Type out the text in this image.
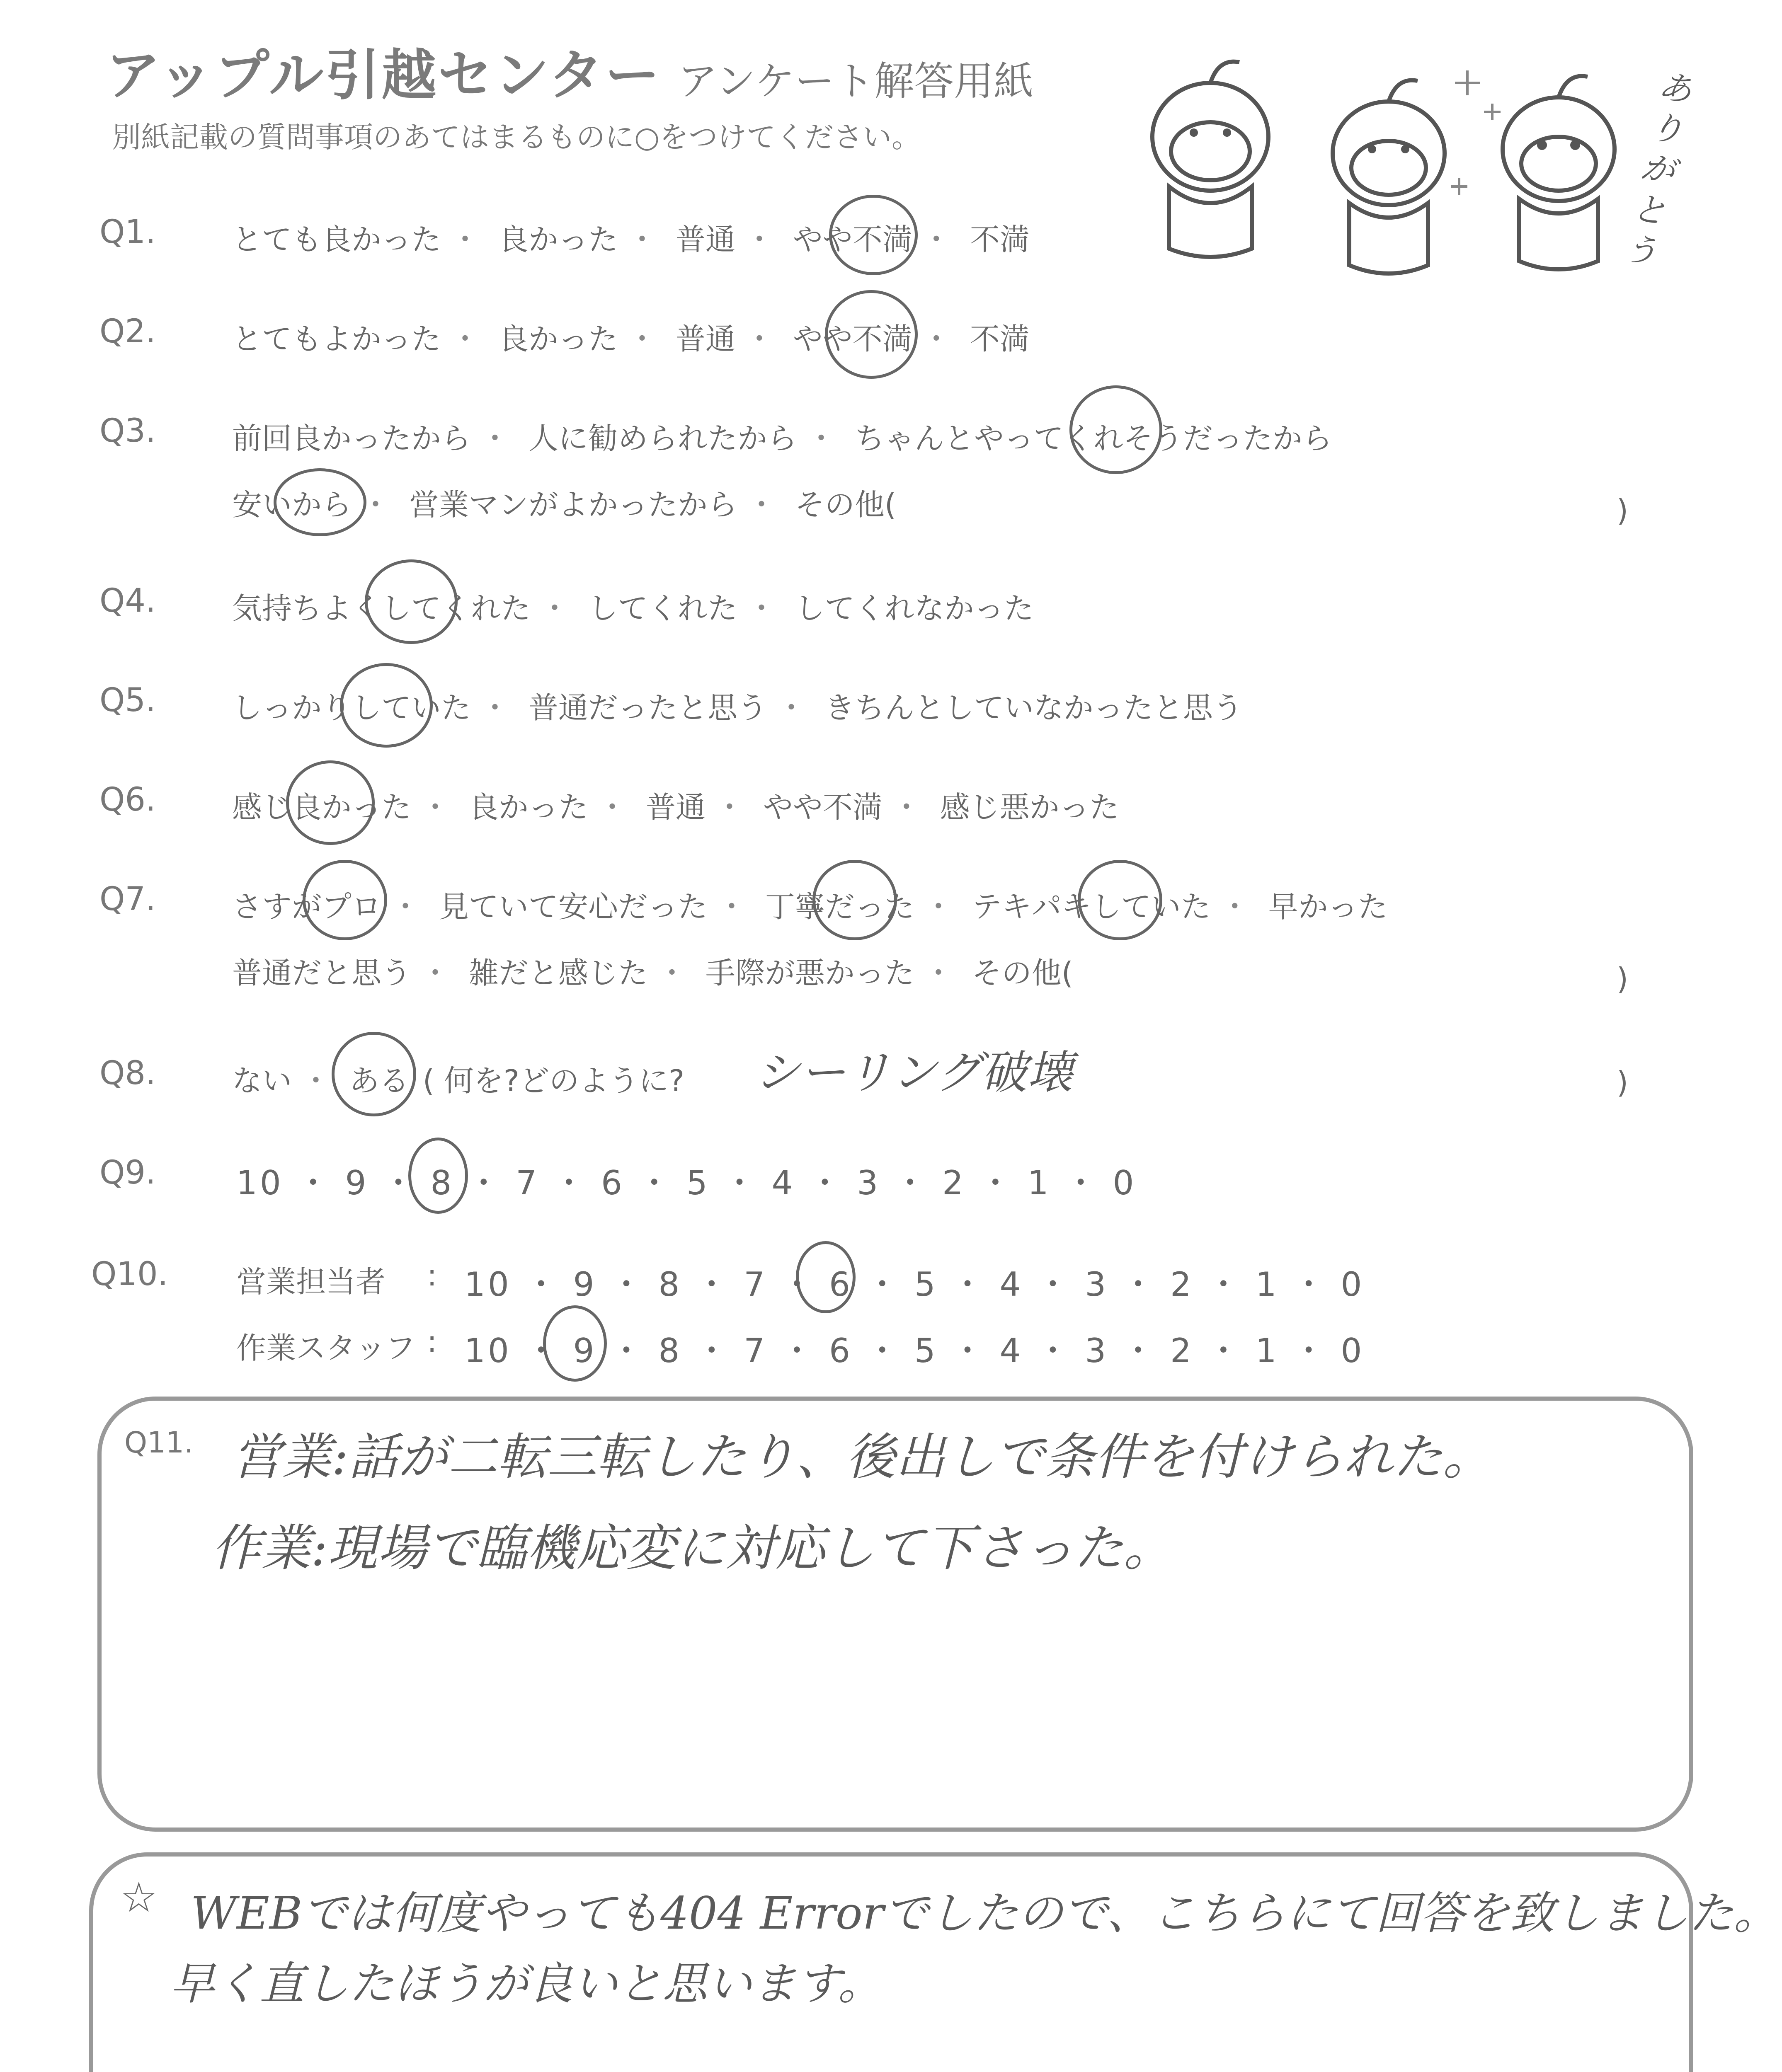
アップル引越センター アンケート解答用紙
別紙記載の質問事項のあてはまるものに○をつけてください。
ありがとう
Q1.	とても良かった ・ 良かった ・ 普通 ・ やや不満 ・ 不満
Q2.	とてもよかった ・ 良かった ・ 普通 ・ やや不満 ・ 不満
Q3.	前回良かったから ・ 人に勧められたから ・ ちゃんとやってくれそうだったから
安いから ・ 営業マンがよかったから ・ その他(	)
Q4.	気持ちよくしてくれた ・ してくれた ・ してくれなかった
Q5.	しっかりしていた ・ 普通だったと思う ・ きちんとしていなかったと思う
Q6.	感じ良かった ・ 良かった ・ 普通 ・ やや不満 ・ 感じ悪かった
Q7.	さすがプロ ・ 見ていて安心だった ・ 丁寧だった ・ テキパキしていた ・ 早かった
普通だと思う ・ 雑だと感じた ・ 手際が悪かった ・ その他(	)
Q8.	ない ・ ある ( 何を?どのように? シーリング破壊	)
Q9. 10 ・ 9 ・ 8 ・ 7 ・ 6 ・ 5 ・ 4 ・ 3 ・ 2 ・ 1 ・ 0
Q10. 営業担当者 : 10 ・ 9 ・ 8 ・ 7 ・ 6 ・ 5 ・ 4 ・ 3 ・ 2 ・ 1 ・ 0
作業スタッフ : 10 ・ 9 ・ 8 ・ 7 ・ 6 ・ 5 ・ 4 ・ 3 ・ 2 ・ 1 ・ 0
Q11. 営業:話が二転三転したり、後出しで条件を付けられた。
作業:現場で臨機応変に対応して下さった。
☆ WEBでは何度やっても404 Errorでしたので、こちらにて回答を致しました。
早く直したほうが良いと思います。
